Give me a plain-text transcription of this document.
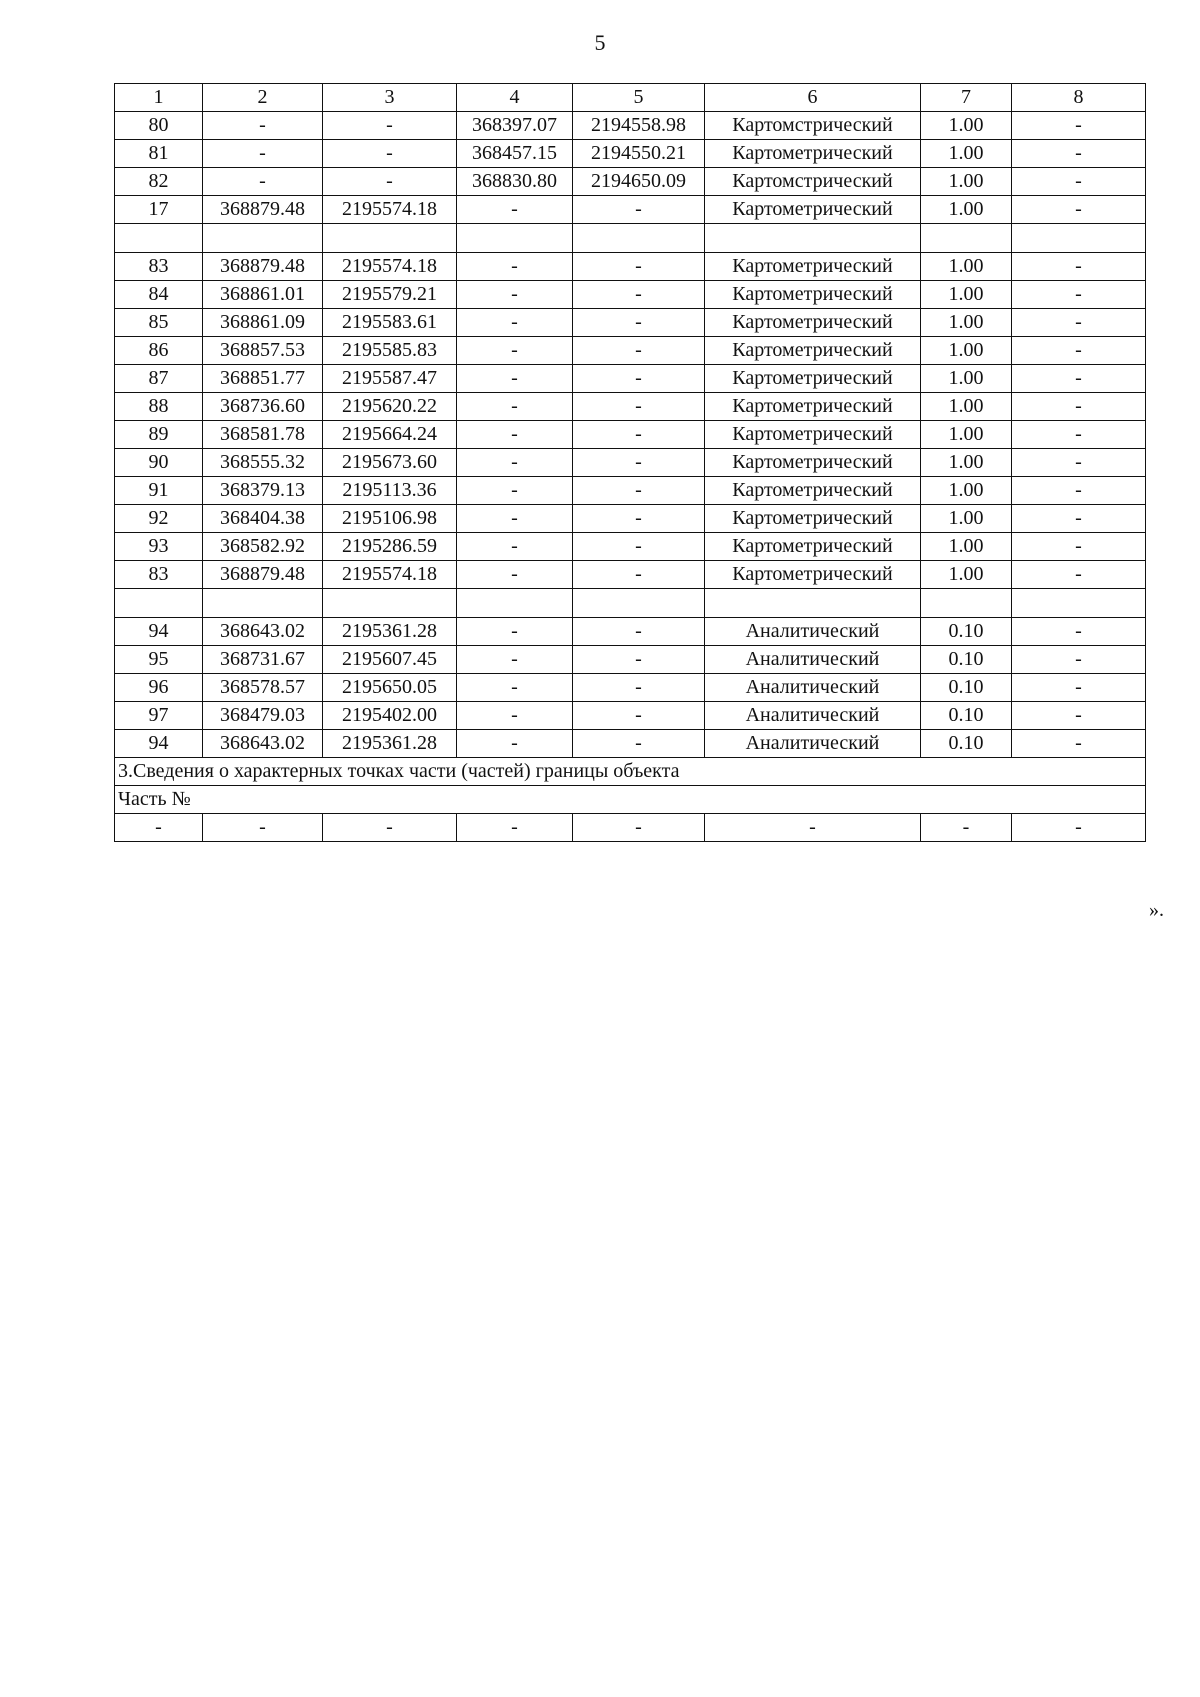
5
1	2	3	4	5	6	7	8
80	-	-	368397.07	2194558.98	Картомстрический	1.00	-
81	-	-	368457.15	2194550.21	Картометрический	1.00	-
82	-	-	368830.80	2194650.09	Картомстрический	1.00	-
17	368879.48	2195574.18	-	-	Картометрический	1.00	-

83	368879.48	2195574.18	-	-	Картометрический	1.00	-
84	368861.01	2195579.21	-	-	Картометрический	1.00	-
85	368861.09	2195583.61	-	-	Картометрический	1.00	-
86	368857.53	2195585.83	-	-	Картометрический	1.00	-
87	368851.77	2195587.47	-	-	Картометрический	1.00	-
88	368736.60	2195620.22	-	-	Картометрический	1.00	-
89	368581.78	2195664.24	-	-	Картометрический	1.00	-
90	368555.32	2195673.60	-	-	Картометрический	1.00	-
91	368379.13	2195113.36	-	-	Картометрический	1.00	-
92	368404.38	2195106.98	-	-	Картометрический	1.00	-
93	368582.92	2195286.59	-	-	Картометрический	1.00	-
83	368879.48	2195574.18	-	-	Картометрический	1.00	-

94	368643.02	2195361.28	-	-	Аналитический	0.10	-
95	368731.67	2195607.45	-	-	Аналитический	0.10	-
96	368578.57	2195650.05	-	-	Аналитический	0.10	-
97	368479.03	2195402.00	-	-	Аналитический	0.10	-
94	368643.02	2195361.28	-	-	Аналитический	0.10	-
3.Сведения о характерных точках части (частей) границы объекта							
Часть №							
-	-	-	-	-	-	-	-
».
